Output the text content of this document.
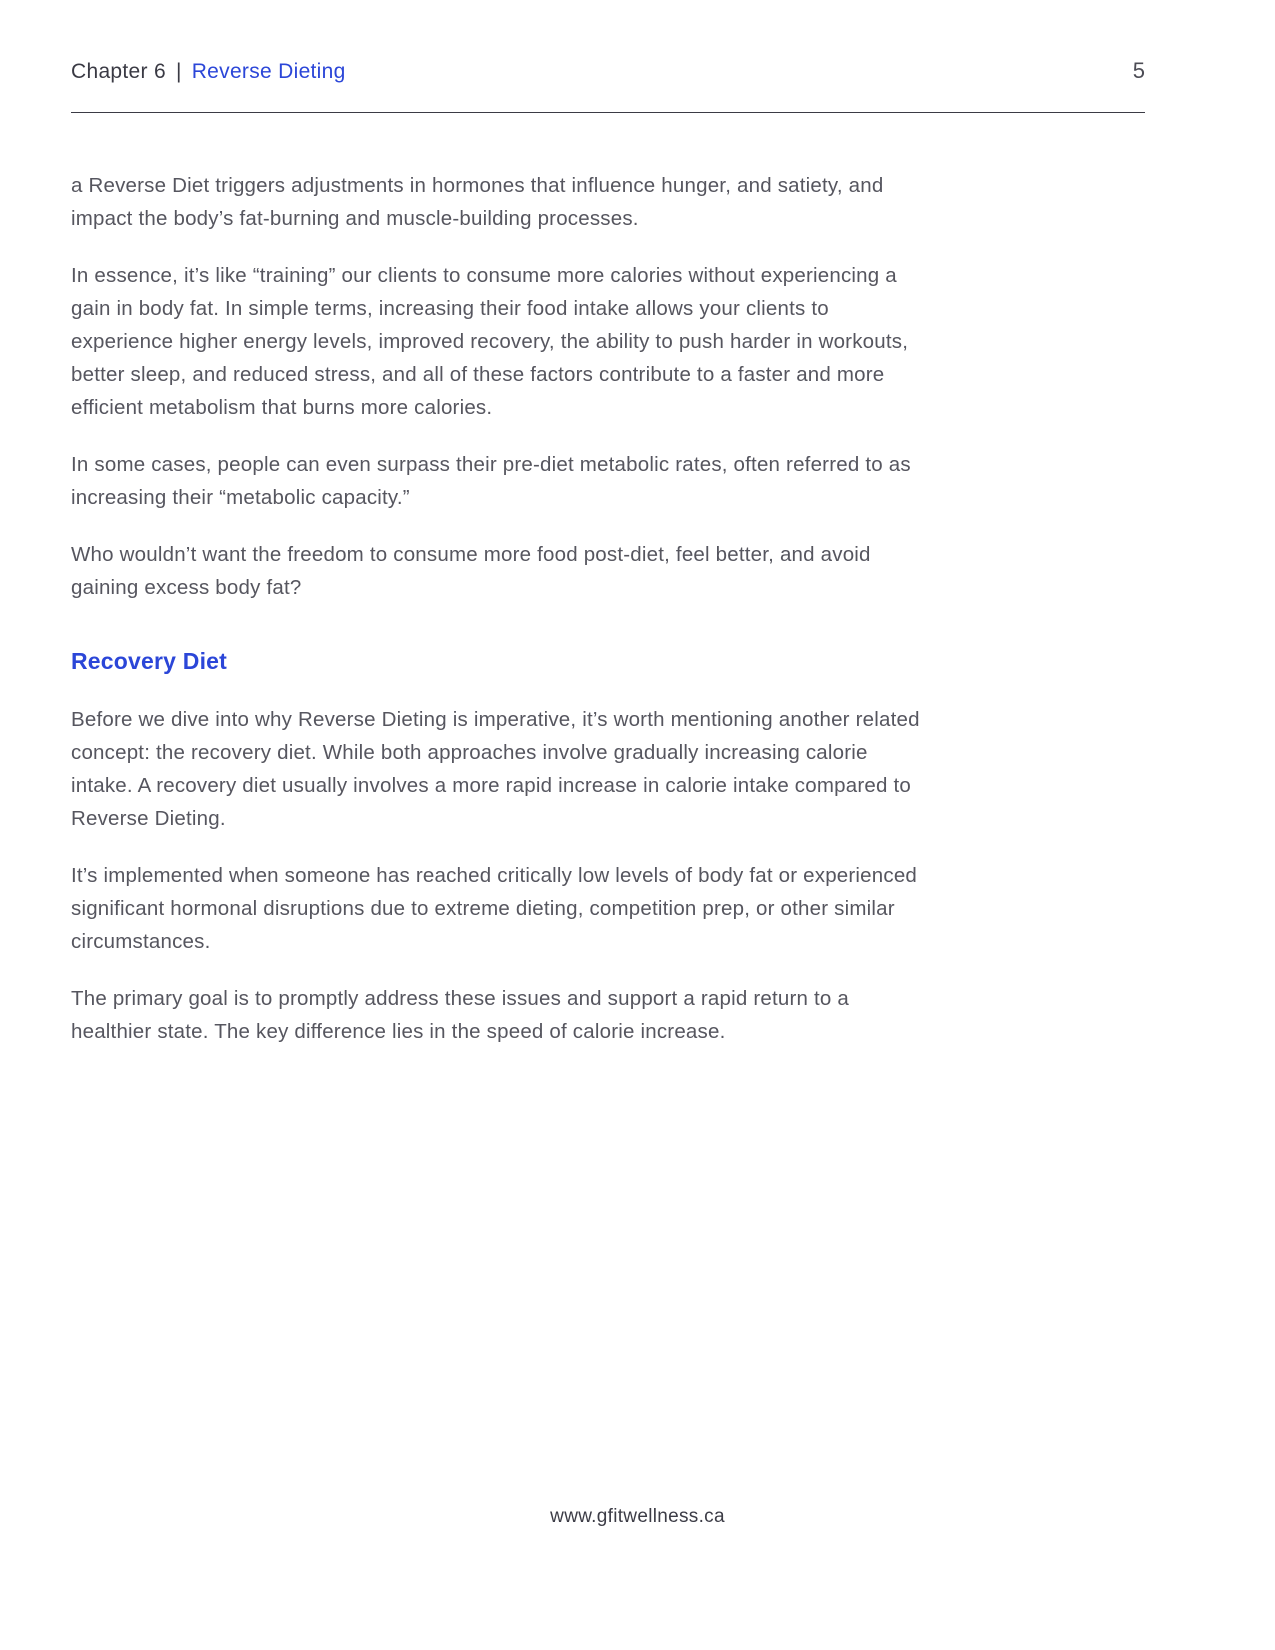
Chapter 6 | Reverse Dieting	5

a Reverse Diet triggers adjustments in hormones that influence hunger, and satiety, and impact the body’s fat-burning and muscle-building processes.

In essence, it’s like “training” our clients to consume more calories without experiencing a gain in body fat. In simple terms, increasing their food intake allows your clients to experience higher energy levels, improved recovery, the ability to push harder in workouts, better sleep, and reduced stress, and all of these factors contribute to a faster and more efficient metabolism that burns more calories.

In some cases, people can even surpass their pre-diet metabolic rates, often referred to as increasing their “metabolic capacity.”

Who wouldn’t want the freedom to consume more food post-diet, feel better, and avoid gaining excess body fat?

Recovery Diet

Before we dive into why Reverse Dieting is imperative, it’s worth mentioning another related concept: the recovery diet. While both approaches involve gradually increasing calorie intake. A recovery diet usually involves a more rapid increase in calorie intake compared to Reverse Dieting.

It’s implemented when someone has reached critically low levels of body fat or experienced significant hormonal disruptions due to extreme dieting, competition prep, or other similar circumstances.

The primary goal is to promptly address these issues and support a rapid return to a healthier state. The key difference lies in the speed of calorie increase.

www.gfitwellness.ca
